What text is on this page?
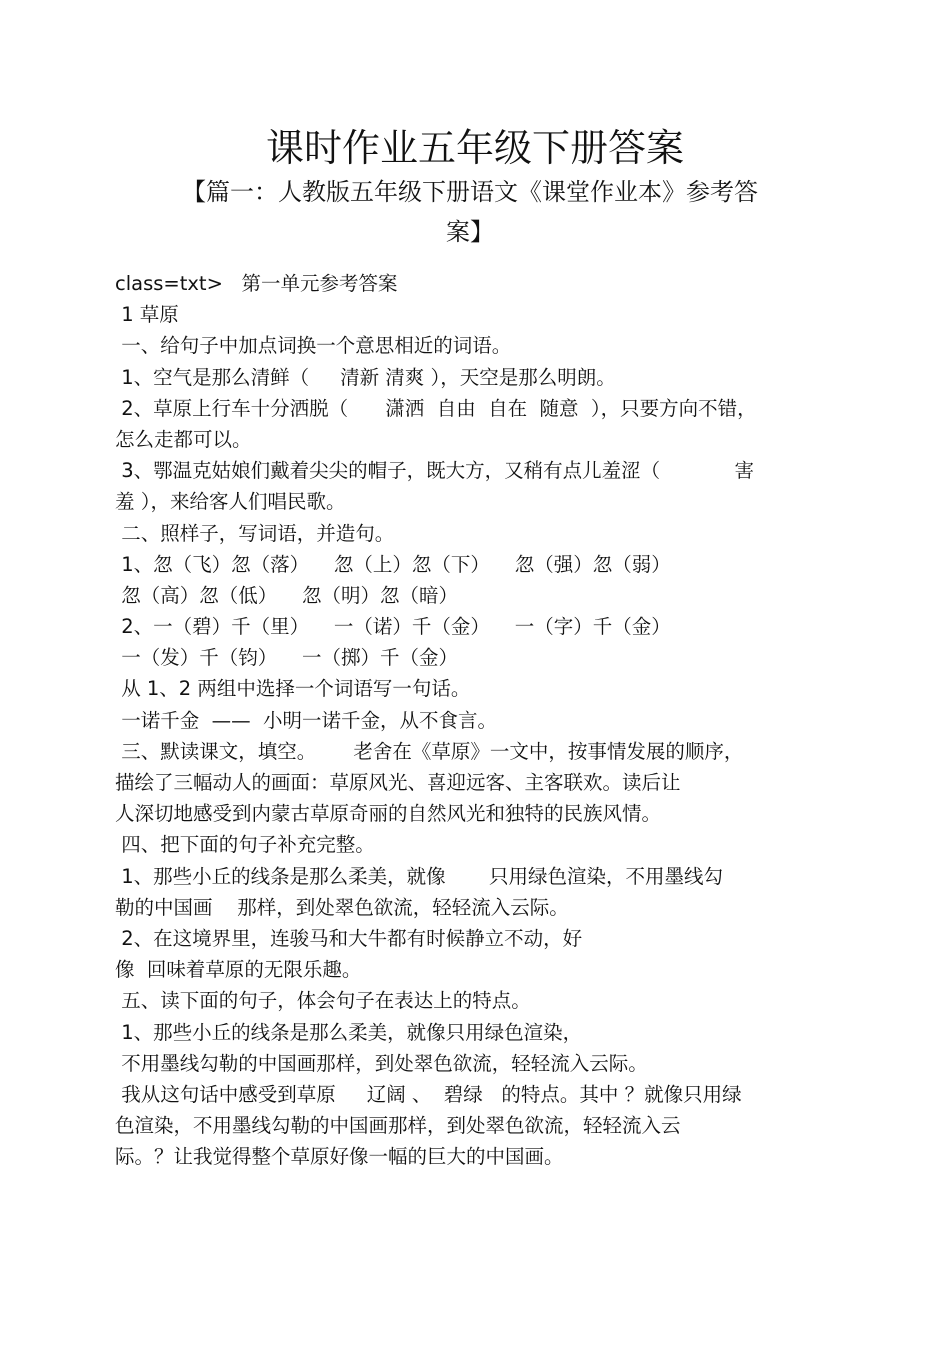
课时作业五年级下册答案
【篇一：人教版五年级下册语文《课堂作业本》参考答
案】
class=txt>   第一单元参考答案
1 草原
一、给句子中加点词换一个意思相近的词语。
1、空气是那么清鲜（     清新 清爽 ），天空是那么明朗。
2、草原上行车十分洒脱（      潇洒  自由  自在  随意  ），只要方向不错，
怎么走都可以。
3、鄂温克姑娘们戴着尖尖的帽子，既大方，又稍有点儿羞涩（            害
羞 ），来给客人们唱民歌。
二、照样子，写词语，并造句。
1、忽（飞）忽（落）    忽（上）忽（下）    忽（强）忽（弱）
忽（高）忽（低）    忽（明）忽（暗）
2、一（碧）千（里）    一（诺）千（金）    一（字）千（金）
一（发）千（钧）    一（掷）千（金）
从 1、2 两组中选择一个词语写一句话。
一诺千金  ——  小明一诺千金，从不食言。
三、默读课文，填空。      老舍在《草原》一文中，按事情发展的顺序，
描绘了三幅动人的画面：草原风光、喜迎远客、主客联欢。读后让
人深切地感受到内蒙古草原奇丽的自然风光和独特的民族风情。
四、把下面的句子补充完整。
1、那些小丘的线条是那么柔美，就像       只用绿色渲染，不用墨线勾
勒的中国画    那样，到处翠色欲流，轻轻流入云际。
2、在这境界里，连骏马和大牛都有时候静立不动，好
像  回味着草原的无限乐趣。
五、读下面的句子，体会句子在表达上的特点。
1、那些小丘的线条是那么柔美，就像只用绿色渲染，
不用墨线勾勒的中国画那样，到处翠色欲流，轻轻流入云际。
我从这句话中感受到草原     辽阔 、  碧绿   的特点。其中 ？就像只用绿
色渲染，不用墨线勾勒的中国画那样，到处翠色欲流，轻轻流入云
际。？让我觉得整个草原好像一幅的巨大的中国画。
